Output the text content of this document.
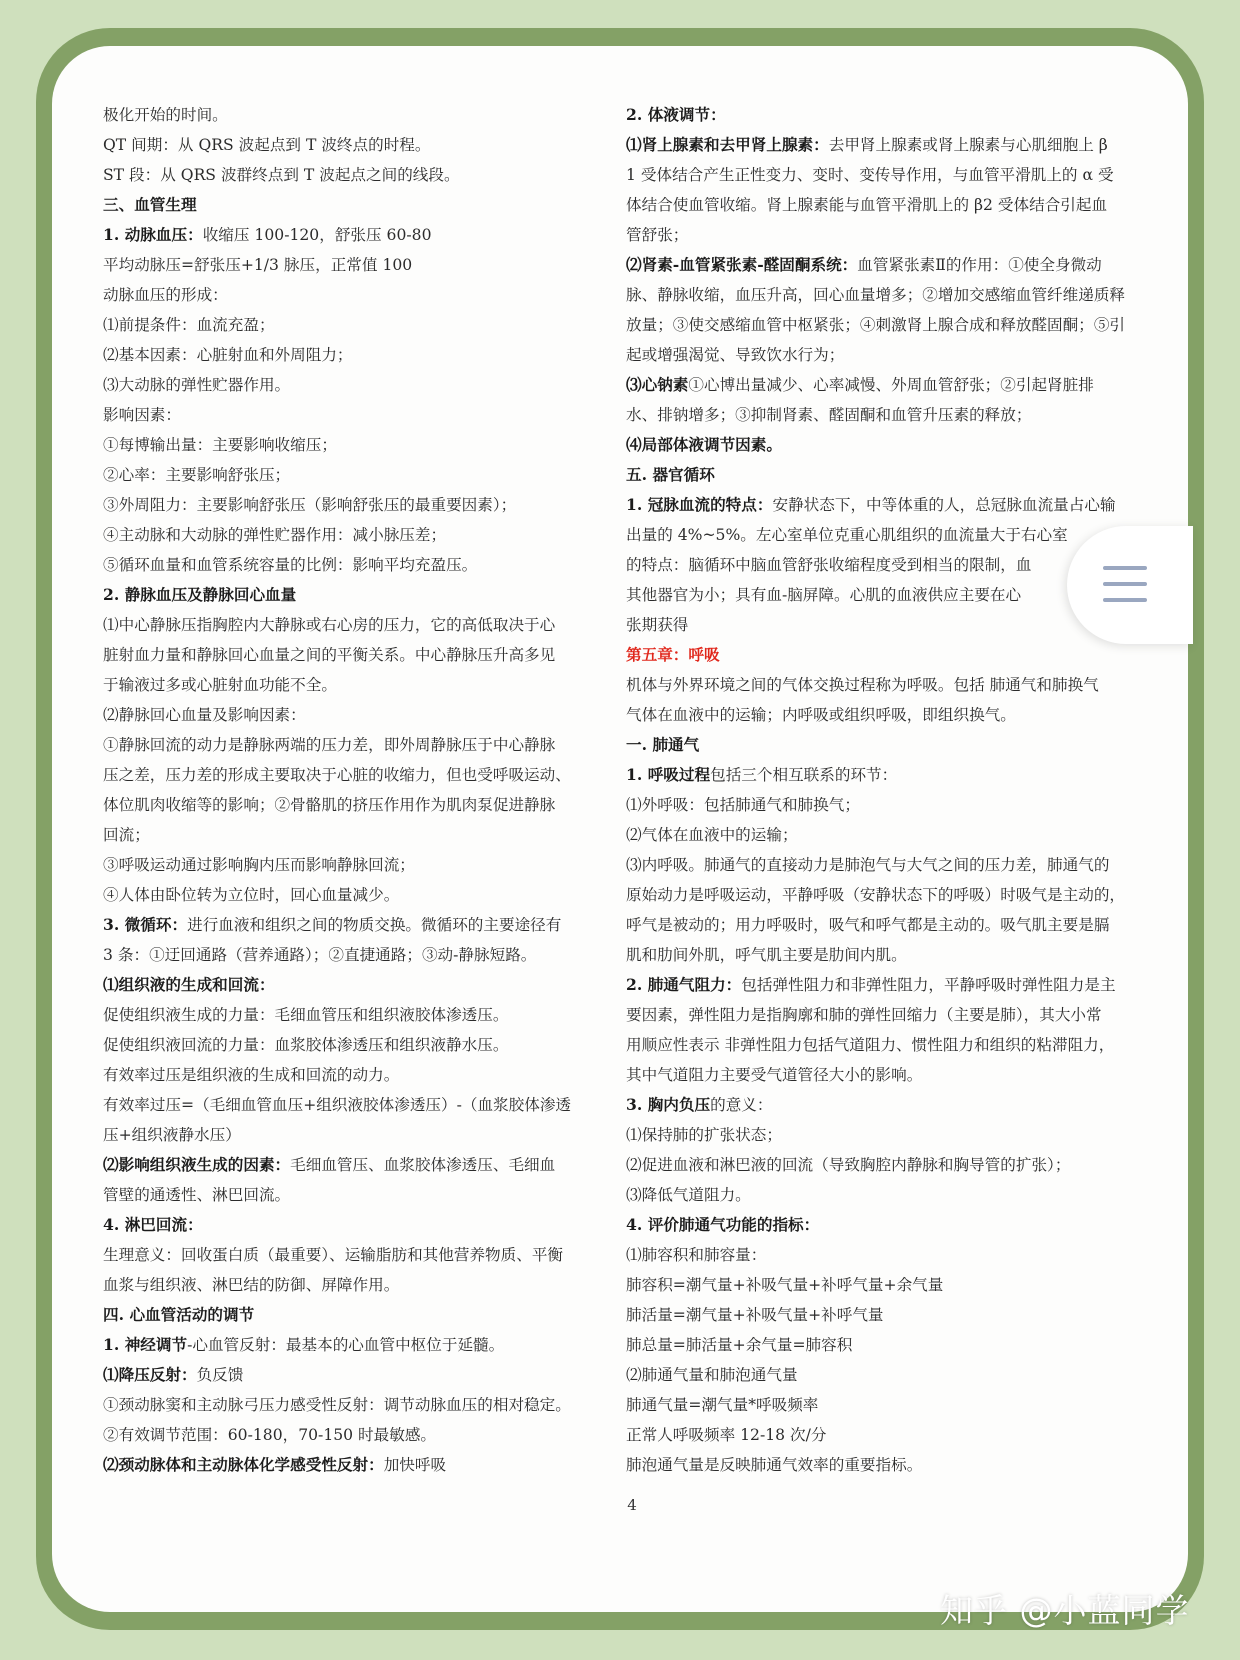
极化开始的时间。
QT 间期：从 QRS 波起点到 T 波终点的时程。
ST 段：从 QRS 波群终点到 T 波起点之间的线段。
三、血管生理
1. 动脉血压：收缩压 100-120，舒张压 60-80
平均动脉压=舒张压+1/3 脉压，正常值 100
动脉血压的形成：
⑴前提条件：血流充盈；
⑵基本因素：心脏射血和外周阻力；
⑶大动脉的弹性贮器作用。
影响因素：
①每博输出量：主要影响收缩压；
②心率：主要影响舒张压；
③外周阻力：主要影响舒张压（影响舒张压的最重要因素）；
④主动脉和大动脉的弹性贮器作用：减小脉压差；
⑤循环血量和血管系统容量的比例：影响平均充盈压。
2. 静脉血压及静脉回心血量
⑴中心静脉压指胸腔内大静脉或右心房的压力，它的高低取决于心
脏射血力量和静脉回心血量之间的平衡关系。中心静脉压升高多见
于输液过多或心脏射血功能不全。
⑵静脉回心血量及影响因素：
①静脉回流的动力是静脉两端的压力差，即外周静脉压于中心静脉
压之差，压力差的形成主要取决于心脏的收缩力，但也受呼吸运动、
体位肌肉收缩等的影响；②骨骼肌的挤压作用作为肌肉泵促进静脉
回流；
③呼吸运动通过影响胸内压而影响静脉回流；
④人体由卧位转为立位时，回心血量减少。
3. 微循环：进行血液和组织之间的物质交换。微循环的主要途径有
3 条：①迂回通路（营养通路）；②直捷通路；③动-静脉短路。
⑴组织液的生成和回流：
促使组织液生成的力量：毛细血管压和组织液胶体渗透压。
促使组织液回流的力量：血浆胶体渗透压和组织液静水压。
有效率过压是组织液的生成和回流的动力。
有效率过压=（毛细血管血压+组织液胶体渗透压）-（血浆胶体渗透
压+组织液静水压）
⑵影响组织液生成的因素：毛细血管压、血浆胶体渗透压、毛细血
管壁的通透性、淋巴回流。
4. 淋巴回流：
生理意义：回收蛋白质（最重要）、运输脂肪和其他营养物质、平衡
血浆与组织液、淋巴结的防御、屏障作用。
四. 心血管活动的调节
1. 神经调节-心血管反射：最基本的心血管中枢位于延髓。
⑴降压反射：负反馈
①颈动脉窦和主动脉弓压力感受性反射：调节动脉血压的相对稳定。
②有效调节范围：60-180，70-150 时最敏感。
⑵颈动脉体和主动脉体化学感受性反射：加快呼吸
2. 体液调节：
⑴肾上腺素和去甲肾上腺素：去甲肾上腺素或肾上腺素与心肌细胞上 β
1 受体结合产生正性变力、变时、变传导作用，与血管平滑肌上的 α 受
体结合使血管收缩。肾上腺素能与血管平滑肌上的 β2 受体结合引起血
管舒张；
⑵肾素-血管紧张素-醛固酮系统：血管紧张素Ⅱ的作用：①使全身微动
脉、静脉收缩，血压升高，回心血量增多；②增加交感缩血管纤维递质释
放量；③使交感缩血管中枢紧张；④刺激肾上腺合成和释放醛固酮；⑤引
起或增强渴觉、导致饮水行为；
⑶心钠素①心博出量减少、心率减慢、外周血管舒张；②引起肾脏排
水、排钠增多；③抑制肾素、醛固酮和血管升压素的释放；
⑷局部体液调节因素。
五. 器官循环
1. 冠脉血流的特点：安静状态下，中等体重的人，总冠脉血流量占心输
出量的 4%~5%。左心室单位克重心肌组织的血流量大于右心室
的特点：脑循环中脑血管舒张收缩程度受到相当的限制，血
其他器官为小；具有血-脑屏障。心肌的血液供应主要在心
张期获得
第五章：呼吸
机体与外界环境之间的气体交换过程称为呼吸。包括 肺通气和肺换气
气体在血液中的运输；内呼吸或组织呼吸，即组织换气。
一. 肺通气
1. 呼吸过程包括三个相互联系的环节：
⑴外呼吸：包括肺通气和肺换气；
⑵气体在血液中的运输；
⑶内呼吸。肺通气的直接动力是肺泡气与大气之间的压力差，肺通气的
原始动力是呼吸运动，平静呼吸（安静状态下的呼吸）时吸气是主动的，
呼气是被动的；用力呼吸时，吸气和呼气都是主动的。吸气肌主要是膈
肌和肋间外肌，呼气肌主要是肋间内肌。
2. 肺通气阻力：包括弹性阻力和非弹性阻力，平静呼吸时弹性阻力是主
要因素，弹性阻力是指胸廓和肺的弹性回缩力（主要是肺），其大小常
用顺应性表示 非弹性阻力包括气道阻力、惯性阻力和组织的粘滞阻力，
其中气道阻力主要受气道管径大小的影响。
3. 胸内负压的意义：
⑴保持肺的扩张状态；
⑵促进血液和淋巴液的回流（导致胸腔内静脉和胸导管的扩张）；
⑶降低气道阻力。
4. 评价肺通气功能的指标：
⑴肺容积和肺容量：
肺容积=潮气量+补吸气量+补呼气量+余气量
肺活量=潮气量+补吸气量+补呼气量
肺总量=肺活量+余气量=肺容积
⑵肺通气量和肺泡通气量
肺通气量=潮气量*呼吸频率
正常人呼吸频率 12-18 次/分
肺泡通气量是反映肺通气效率的重要指标。
4
知乎 @小蓝同学
